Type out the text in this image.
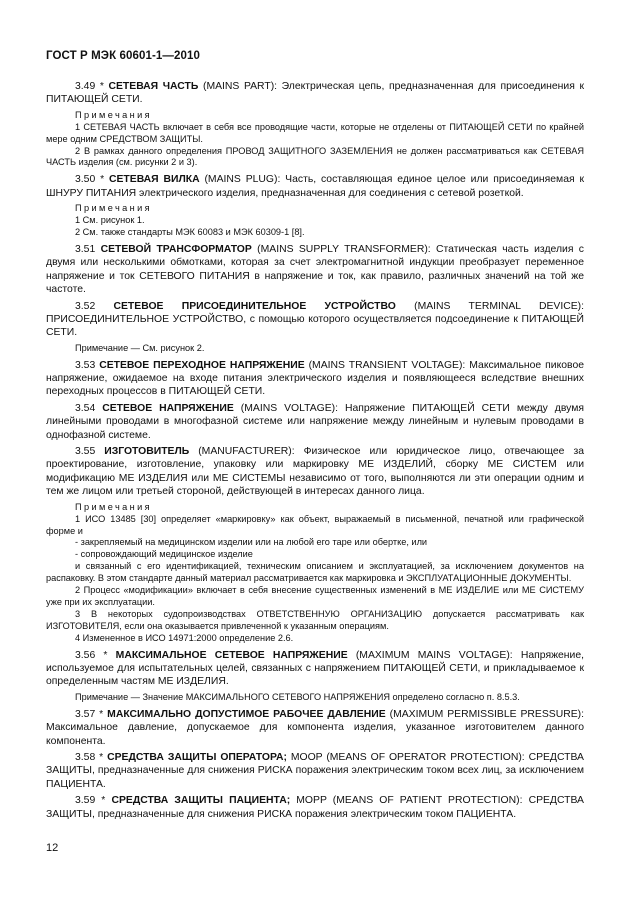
ГОСТ Р МЭК 60601-1—2010

3.49 * СЕТЕВАЯ ЧАСТЬ (MAINS PART): Электрическая цепь, предназначенная для присоединения к ПИТАЮЩЕЙ СЕТИ.

Примечания

1 СЕТЕВАЯ ЧАСТЬ включает в себя все проводящие части, которые не отделены от ПИТАЮЩЕЙ СЕТИ по крайней мере одним СРЕДСТВОМ ЗАЩИТЫ.

2 В рамках данного определения ПРОВОД ЗАЩИТНОГО ЗАЗЕМЛЕНИЯ не должен рассматриваться как СЕТЕВАЯ ЧАСТЬ изделия (см. рисунки 2 и 3).

3.50 * СЕТЕВАЯ ВИЛКА (MAINS PLUG): Часть, составляющая единое целое или присоединяемая к ШНУРУ ПИТАНИЯ электрического изделия, предназначенная для соединения с сетевой розеткой.

Примечания

1 См. рисунок 1.

2 См. также стандарты МЭК 60083 и МЭК 60309-1 [8].

3.51 СЕТЕВОЙ ТРАНСФОРМАТОР (MAINS SUPPLY TRANSFORMER): Статическая часть изделия с двумя или несколькими обмотками, которая за счет электромагнитной индукции преобразует переменное напряжение и ток СЕТЕВОГО ПИТАНИЯ в напряжение и ток, как правило, различных значений на той же частоте.

3.52 СЕТЕВОЕ ПРИСОЕДИНИТЕЛЬНОЕ УСТРОЙСТВО (MAINS TERMINAL DEVICE): ПРИСОЕДИНИТЕЛЬНОЕ УСТРОЙСТВО, с помощью которого осуществляется подсоединение к ПИТАЮЩЕЙ СЕТИ.

Примечание — См. рисунок 2.

3.53 СЕТЕВОЕ ПЕРЕХОДНОЕ НАПРЯЖЕНИЕ (MAINS TRANSIENT VOLTAGE): Максимальное пиковое напряжение, ожидаемое на входе питания электрического изделия и появляющееся вследствие внешних переходных процессов в ПИТАЮЩЕЙ СЕТИ.

3.54 СЕТЕВОЕ НАПРЯЖЕНИЕ (MAINS VOLTAGE): Напряжение ПИТАЮЩЕЙ СЕТИ между двумя линейными проводами в многофазной системе или напряжение между линейным и нулевым проводами в однофазной системе.

3.55 ИЗГОТОВИТЕЛЬ (MANUFACTURER): Физическое или юридическое лицо, отвечающее за проектирование, изготовление, упаковку или маркировку МЕ ИЗДЕЛИЙ, сборку МЕ СИСТЕМ или модификацию МЕ ИЗДЕЛИЯ или МЕ СИСТЕМЫ независимо от того, выполняются ли эти операции одним и тем же лицом или третьей стороной, действующей в интересах данного лица.

Примечания

1 ИСО 13485 [30] определяет «маркировку» как объект, выражаемый в письменной, печатной или графической форме и

- закрепляемый на медицинском изделии или на любой его таре или обертке, или

- сопровождающий медицинское изделие

и связанный с его идентификацией, техническим описанием и эксплуатацией, за исключением документов на распаковку. В этом стандарте данный материал рассматривается как маркировка и ЭКСПЛУАТАЦИОННЫЕ ДОКУМЕНТЫ.

2 Процесс «модификации» включает в себя внесение существенных изменений в МЕ ИЗДЕЛИЕ или МЕ СИСТЕМУ уже при их эксплуатации.

3 В некоторых судопроизводствах ОТВЕТСТВЕННУЮ ОРГАНИЗАЦИЮ допускается рассматривать как ИЗГОТОВИТЕЛЯ, если она оказывается привлеченной к указанным операциям.

4 Измененное в ИСО 14971:2000 определение 2.6.

3.56 * МАКСИМАЛЬНОЕ СЕТЕВОЕ НАПРЯЖЕНИЕ (MAXIMUM MAINS VOLTAGE): Напряжение, используемое для испытательных целей, связанных с напряжением ПИТАЮЩЕЙ СЕТИ, и прикладываемое к определенным частям МЕ ИЗДЕЛИЯ.

Примечание — Значение МАКСИМАЛЬНОГО СЕТЕВОГО НАПРЯЖЕНИЯ определено согласно п. 8.5.3.

3.57 * МАКСИМАЛЬНО ДОПУСТИМОЕ РАБОЧЕЕ ДАВЛЕНИЕ (MAXIMUM PERMISSIBLE PRESSURE): Максимальное давление, допускаемое для компонента изделия, указанное изготовителем данного компонента.

3.58 * СРЕДСТВА ЗАЩИТЫ ОПЕРАТОРА; MOOP (MEANS OF OPERATOR PROTECTION): СРЕДСТВА ЗАЩИТЫ, предназначенные для снижения РИСКА поражения электрическим током всех лиц, за исключением ПАЦИЕНТА.

3.59 * СРЕДСТВА ЗАЩИТЫ ПАЦИЕНТА; MOPP (MEANS OF PATIENT PROTECTION): СРЕДСТВА ЗАЩИТЫ, предназначенные для снижения РИСКА поражения электрическим током ПАЦИЕНТА.

12
